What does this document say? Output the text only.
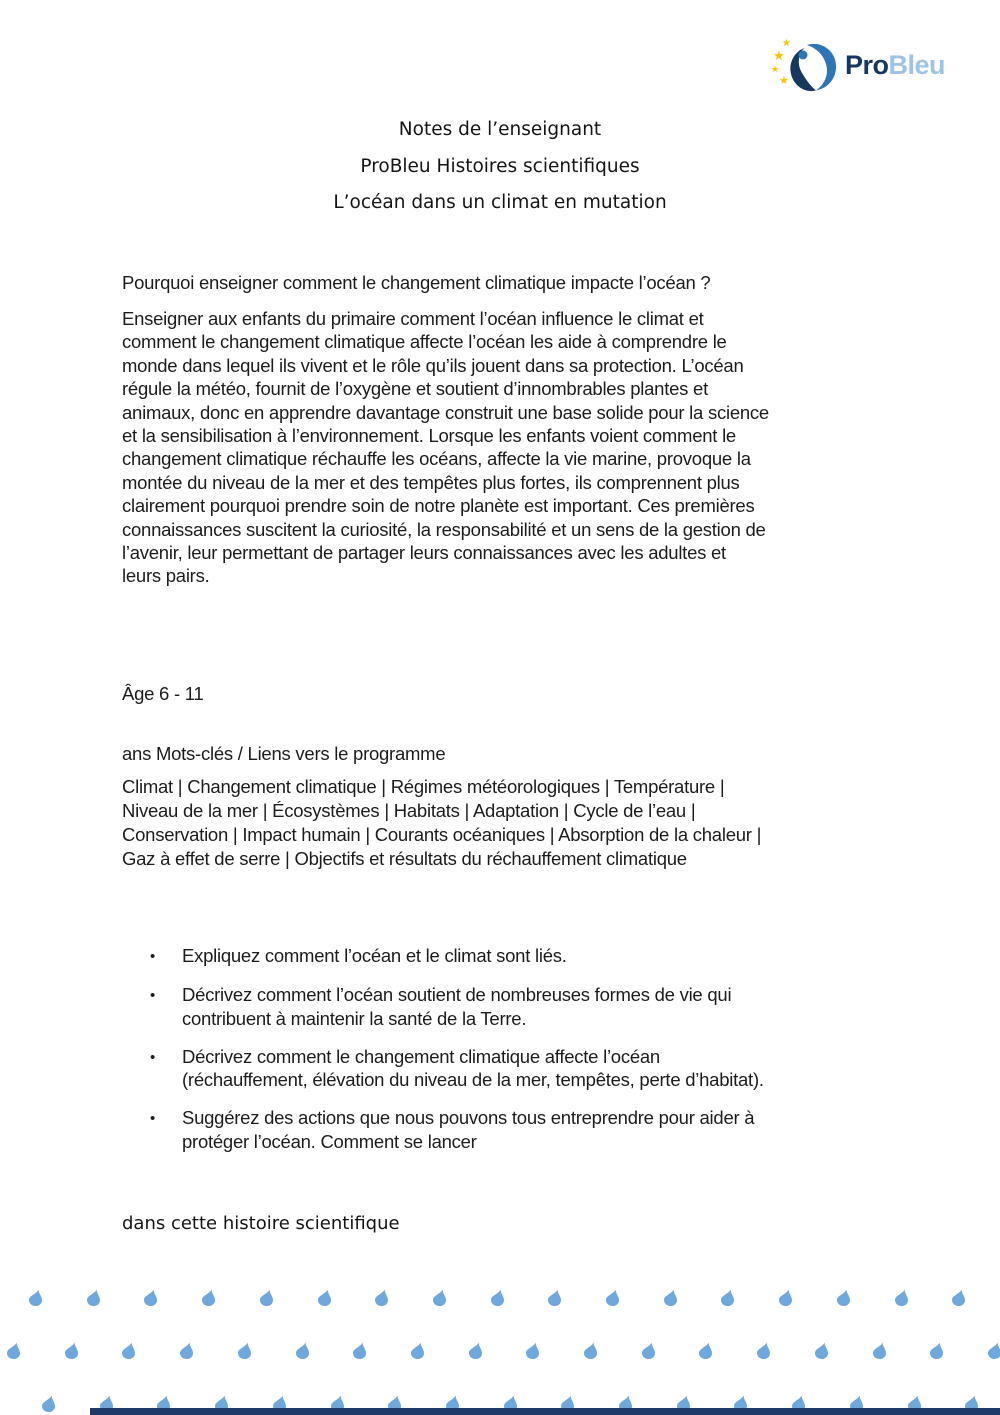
★
★
★
★
ProBleu
Notes de l’enseignant
ProBleu Histoires scientifiques
L’océan dans un climat en mutation
Pourquoi enseigner comment le changement climatique impacte l’océan ?
Enseigner aux enfants du primaire comment l’océan influence le climat et
comment le changement climatique affecte l’océan les aide à comprendre le
monde dans lequel ils vivent et le rôle qu’ils jouent dans sa protection. L’océan
régule la météo, fournit de l’oxygène et soutient d’innombrables plantes et
animaux, donc en apprendre davantage construit une base solide pour la science
et la sensibilisation à l’environnement. Lorsque les enfants voient comment le
changement climatique réchauffe les océans, affecte la vie marine, provoque la
montée du niveau de la mer et des tempêtes plus fortes, ils comprennent plus
clairement pourquoi prendre soin de notre planète est important. Ces premières
connaissances suscitent la curiosité, la responsabilité et un sens de la gestion de
l’avenir, leur permettant de partager leurs connaissances avec les adultes et
leurs pairs.
Âge 6 - 11
ans Mots-clés / Liens vers le programme
Climat | Changement climatique | Régimes météorologiques | Température |
Niveau de la mer | Écosystèmes | Habitats | Adaptation | Cycle de l’eau |
Conservation | Impact humain | Courants océaniques | Absorption de la chaleur |
Gaz à effet de serre | Objectifs et résultats du réchauffement climatique
•	Expliquez comment l’océan et le climat sont liés.
•	Décrivez comment l’océan soutient de nombreuses formes de vie qui
contribuent à maintenir la santé de la Terre.
•	Décrivez comment le changement climatique affecte l’océan
(réchauffement, élévation du niveau de la mer, tempêtes, perte d’habitat).
•	Suggérez des actions que nous pouvons tous entreprendre pour aider à
protéger l’océan. Comment se lancer
dans cette histoire scientifique
